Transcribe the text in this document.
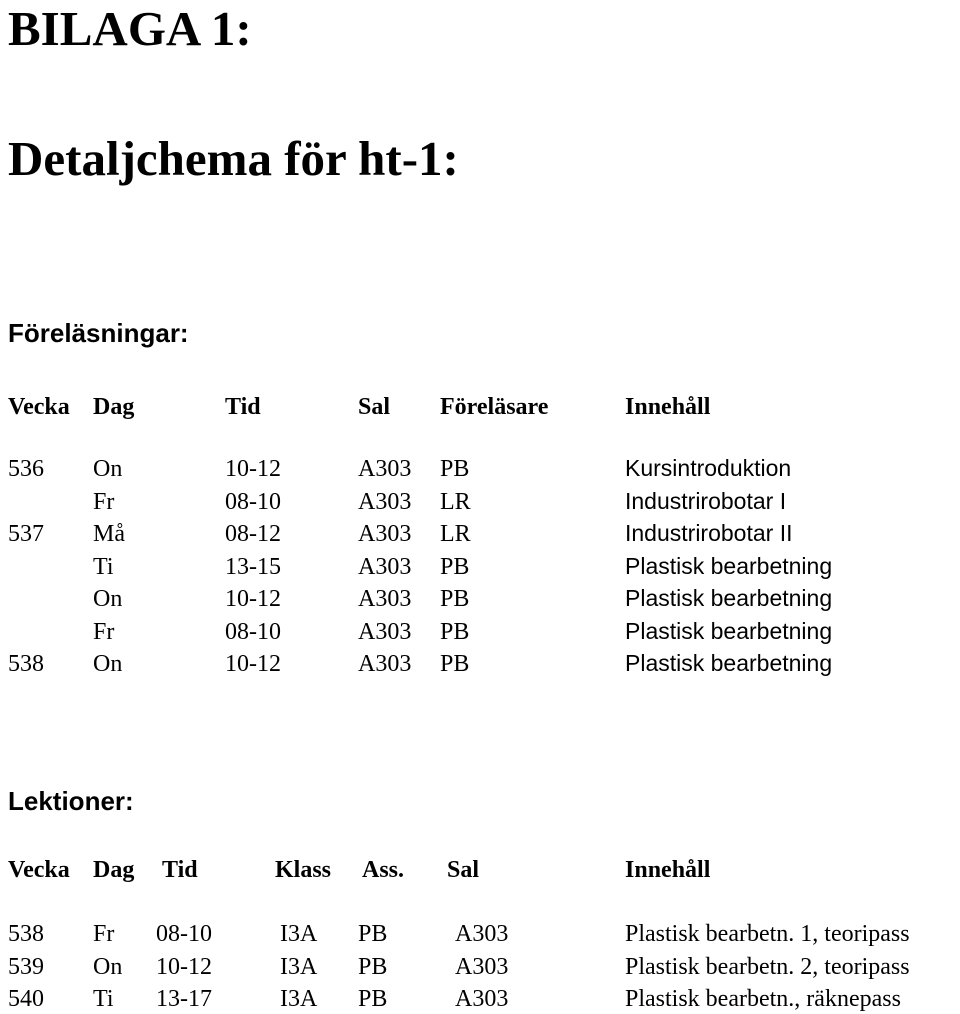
BILAGA 1:
Detaljchema för ht-1:
Föreläsningar:
Vecka Dag	Tid	Sal Föreläsare	Innehåll
536 On	10-12	A303 PB	Kursintroduktion
Fr	08-10	A303 LR	Industrirobotar I
537 Må	08-12	A303 LR	Industrirobotar II
Ti	13-15	A303 PB	Plastisk bearbetning
On	10-12	A303 PB	Plastisk bearbetning
Fr	08-10	A303 PB	Plastisk bearbetning
538 On	10-12	A303 PB	Plastisk bearbetning
Lektioner:
Vecka Dag Tid	Klass Ass. Sal	Innehåll
538 Fr 08-10	I3A PB	A303	Plastisk bearbetn. 1, teoripass
539 On 10-12	I3A PB	A303	Plastisk bearbetn. 2, teoripass
540 Ti 13-17	I3A PB	A303	Plastisk bearbetn., räknepass
